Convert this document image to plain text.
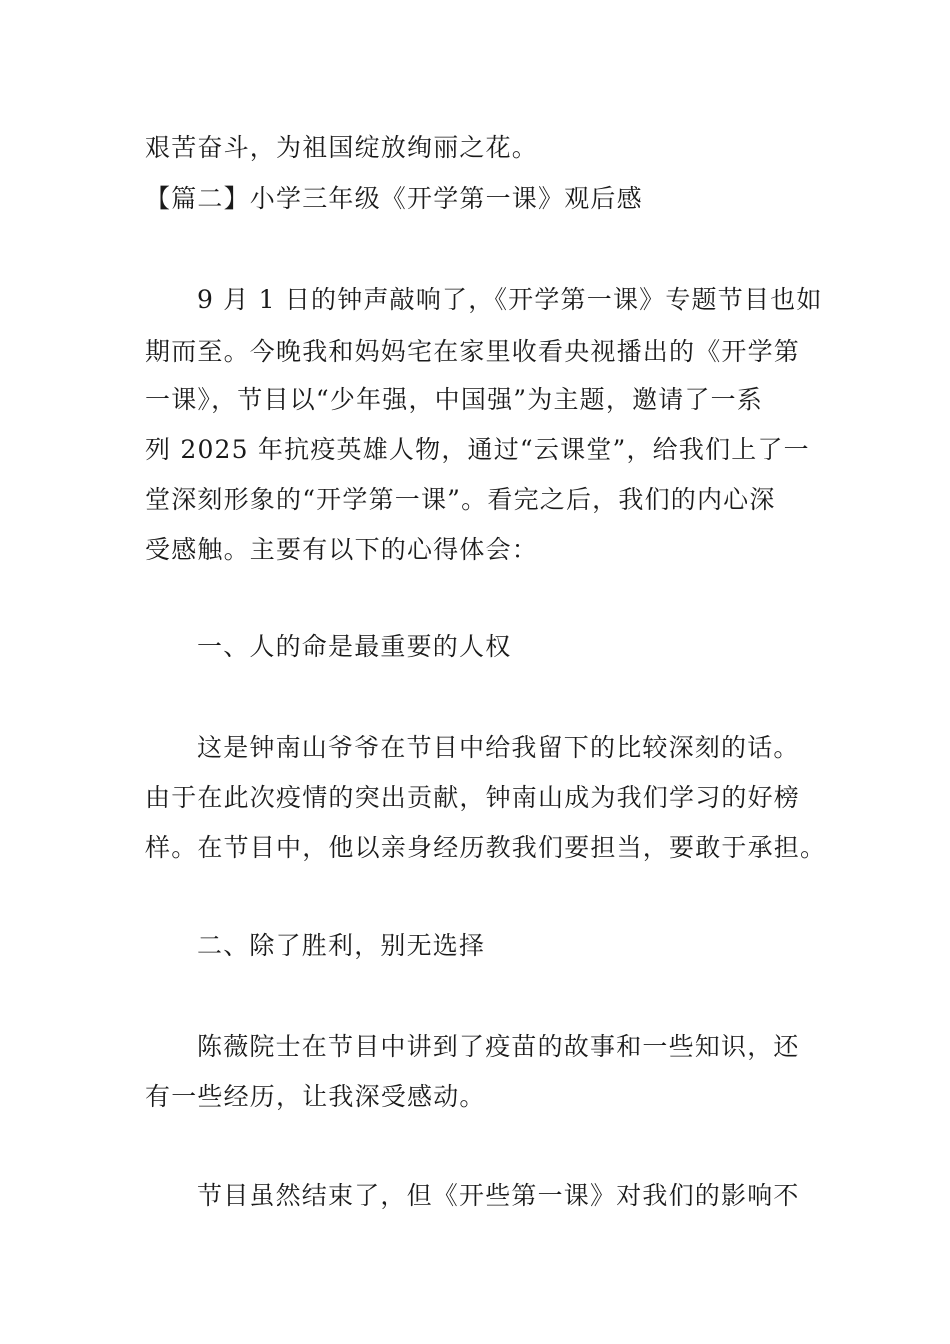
艰苦奋斗，为祖国绽放绚丽之花。
【篇二】小学三年级《开学第一课》观后感
9 月 1 日的钟声敲响了，《开学第一课》专题节目也如
期而至。今晚我和妈妈宅在家里收看央视播出的《开学第
一课》，节目以“少年强，中国强”为主题，邀请了一系
列 2025 年抗疫英雄人物，通过“云课堂”，给我们上了一
堂深刻形象的“开学第一课”。看完之后，我们的内心深
受感触。主要有以下的心得体会：
一、人的命是最重要的人权
这是钟南山爷爷在节目中给我留下的比较深刻的话。
由于在此次疫情的突出贡献，钟南山成为我们学习的好榜
样。在节目中，他以亲身经历教我们要担当，要敢于承担。
二、除了胜利，别无选择
陈薇院士在节目中讲到了疫苗的故事和一些知识，还
有一些经历，让我深受感动。
节目虽然结束了，但《开些第一课》对我们的影响不
